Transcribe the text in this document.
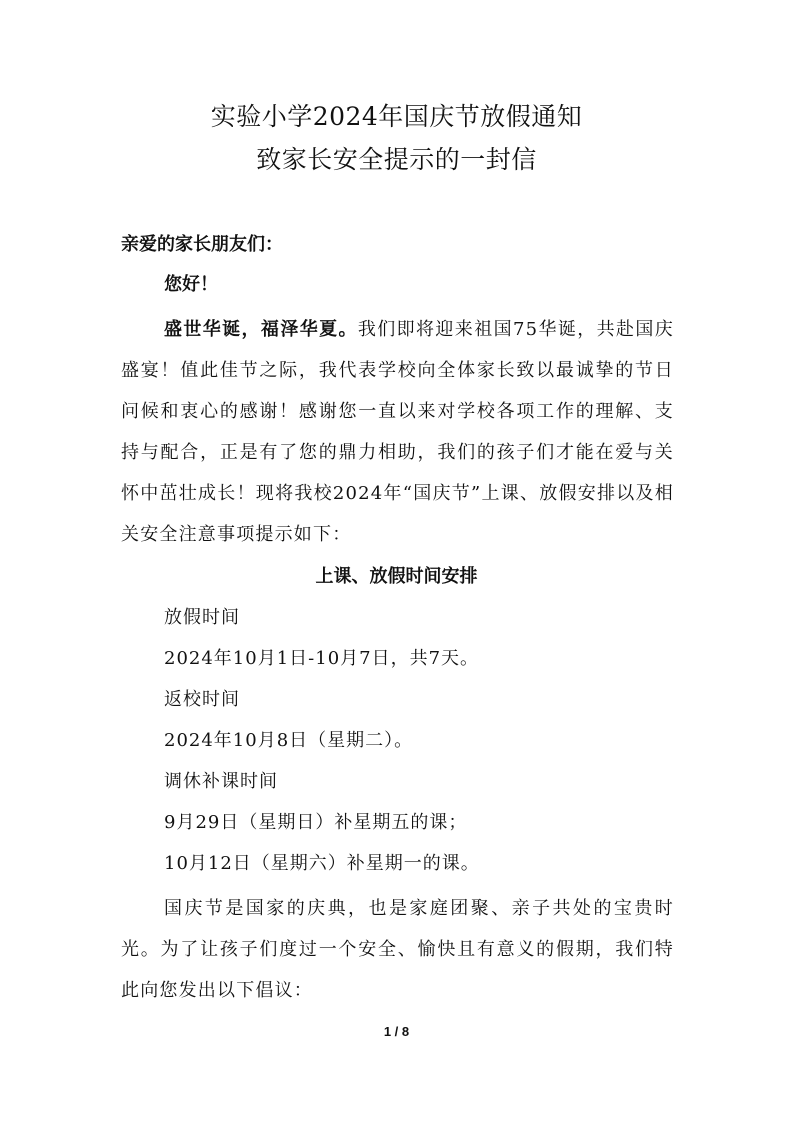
实验小学2024年国庆节放假通知
致家长安全提示的一封信
亲爱的家长朋友们：
您好！
盛世华诞，福泽华夏。我们即将迎来祖国75华诞，共赴国庆盛宴！值此佳节之际，我代表学校向全体家长致以最诚挚的节日问候和衷心的感谢！感谢您一直以来对学校各项工作的理解、支持与配合，正是有了您的鼎力相助，我们的孩子们才能在爱与关怀中茁壮成长！现将我校2024年“国庆节”上课、放假安排以及相关安全注意事项提示如下：
上课、放假时间安排
放假时间
2024年10月1日-10月7日，共7天。
返校时间
2024年10月8日（星期二）。
调休补课时间
9月29日（星期日）补星期五的课；
10月12日（星期六）补星期一的课。
国庆节是国家的庆典，也是家庭团聚、亲子共处的宝贵时光。为了让孩子们度过一个安全、愉快且有意义的假期，我们特此向您发出以下倡议：
1 / 8
